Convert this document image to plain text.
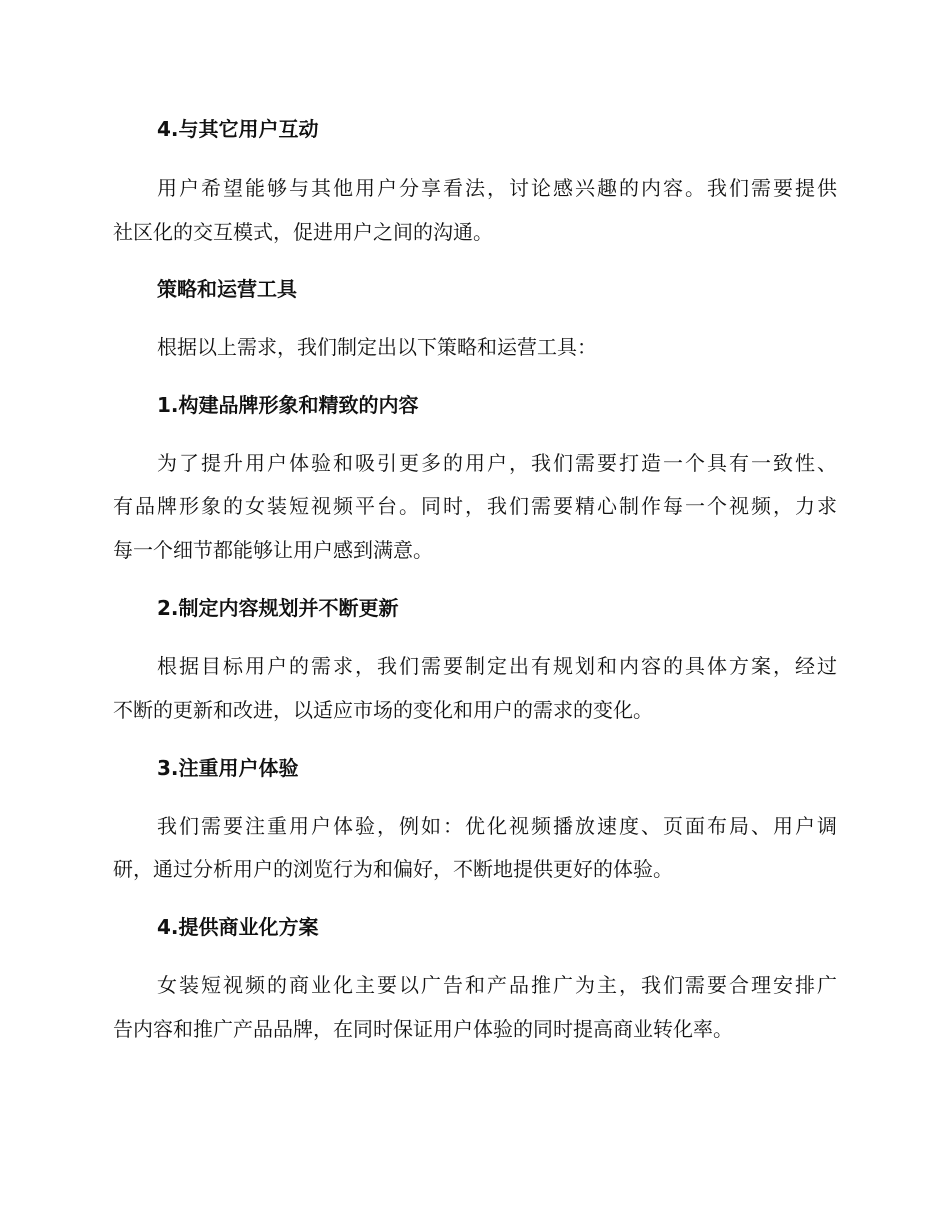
4.与其它用户互动

用户希望能够与其他用户分享看法，讨论感兴趣的内容。我们需要提供

社区化的交互模式，促进用户之间的沟通。

策略和运营工具

根据以上需求，我们制定出以下策略和运营工具：

1.构建品牌形象和精致的内容

为了提升用户体验和吸引更多的用户，我们需要打造一个具有一致性、

有品牌形象的女装短视频平台。同时，我们需要精心制作每一个视频，力求

每一个细节都能够让用户感到满意。

2.制定内容规划并不断更新

根据目标用户的需求，我们需要制定出有规划和内容的具体方案，经过

不断的更新和改进，以适应市场的变化和用户的需求的变化。

3.注重用户体验

我们需要注重用户体验，例如：优化视频播放速度、页面布局、用户调

研，通过分析用户的浏览行为和偏好，不断地提供更好的体验。

4.提供商业化方案

女装短视频的商业化主要以广告和产品推广为主，我们需要合理安排广

告内容和推广产品品牌，在同时保证用户体验的同时提高商业转化率。
